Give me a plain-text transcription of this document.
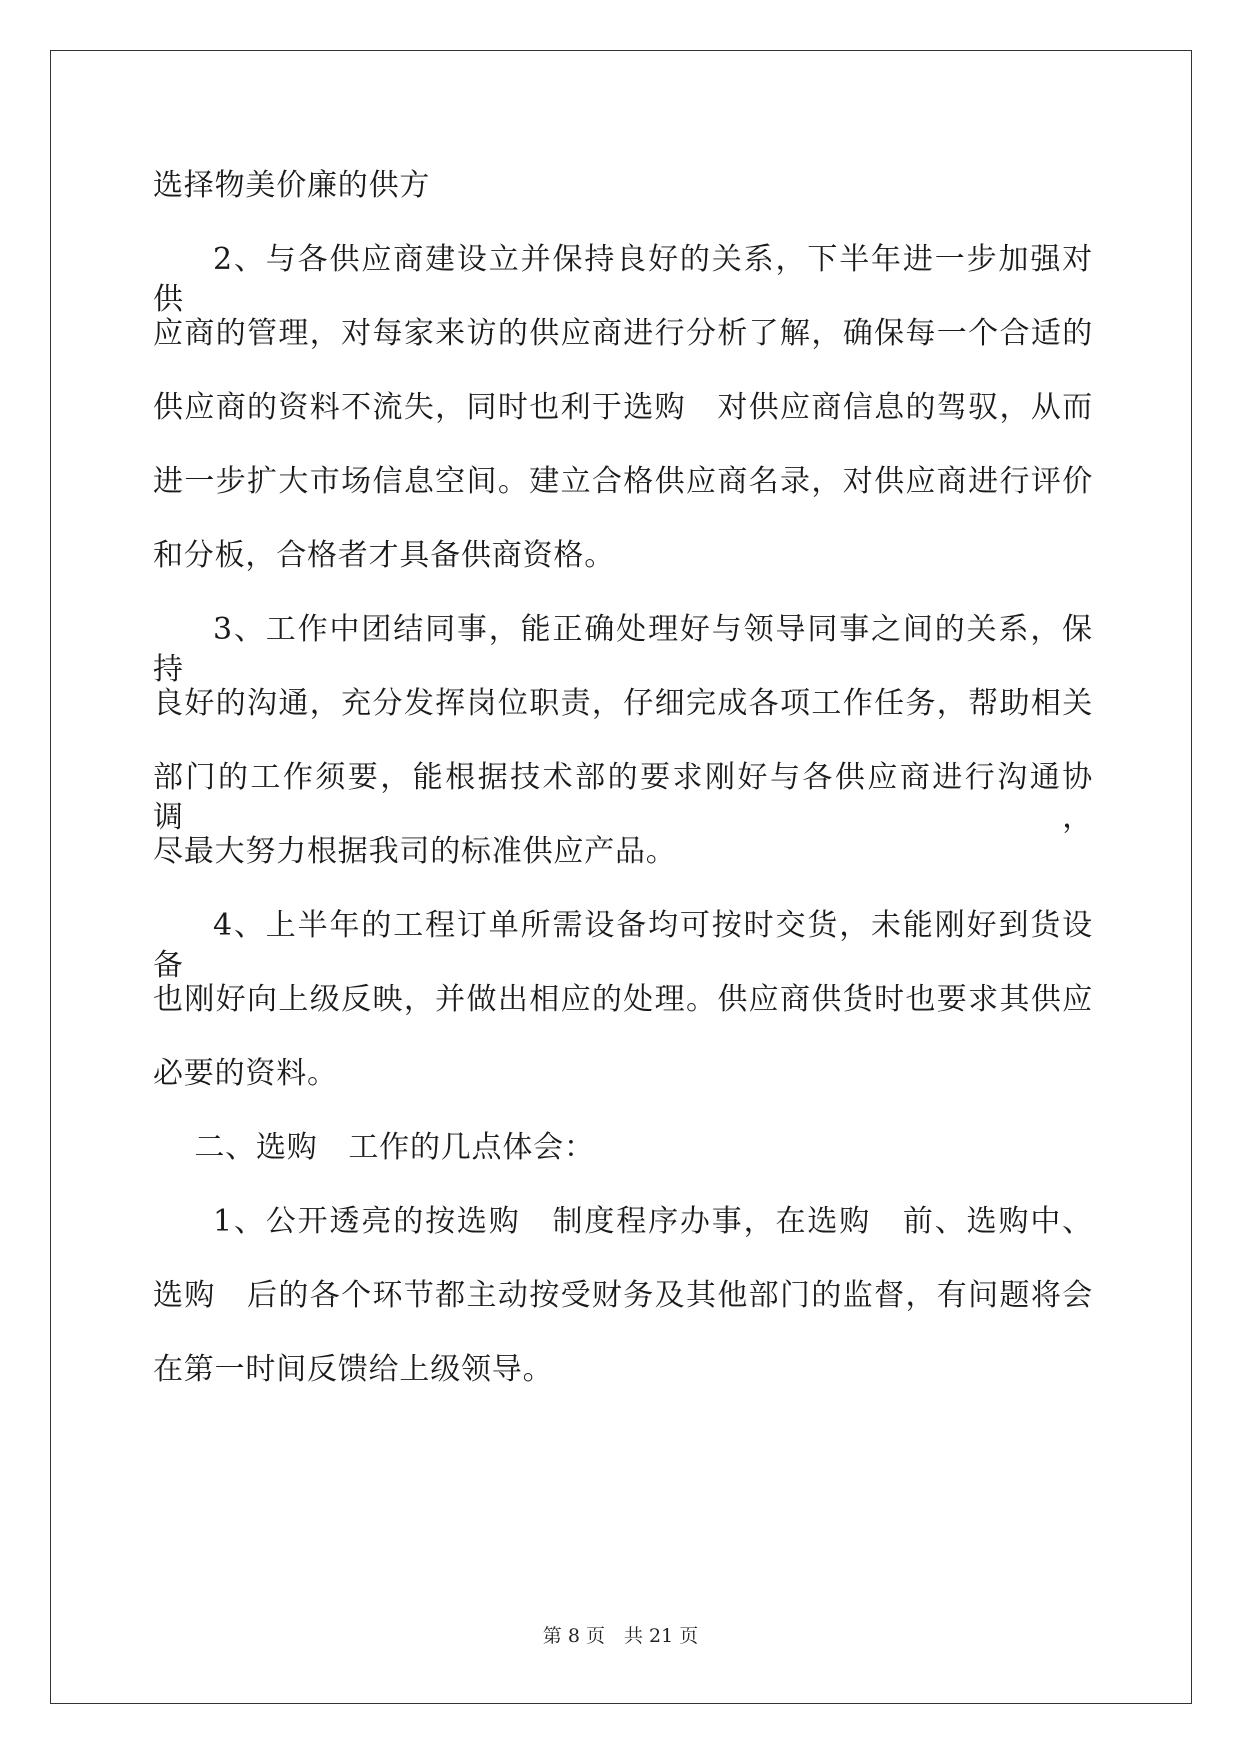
选择物美价廉的供方
2、与各供应商建设立并保持良好的关系，下半年进一步加强对供
应商的管理，对每家来访的供应商进行分析了解，确保每一个合适的
供应商的资料不流失，同时也利于选购　对供应商信息的驾驭，从而
进一步扩大市场信息空间。建立合格供应商名录，对供应商进行评价
和分板，合格者才具备供商资格。
3、工作中团结同事，能正确处理好与领导同事之间的关系，保持
良好的沟通，充分发挥岗位职责，仔细完成各项工作任务，帮助相关
部门的工作须要，能根据技术部的要求刚好与各供应商进行沟通协调，
尽最大努力根据我司的标准供应产品。
4、上半年的工程订单所需设备均可按时交货，未能刚好到货设备
也刚好向上级反映，并做出相应的处理。供应商供货时也要求其供应
必要的资料。
二、选购　工作的几点体会：
1、公开透亮的按选购　制度程序办事，在选购　前、选购中、
选购　后的各个环节都主动按受财务及其他部门的监督，有问题将会
在第一时间反馈给上级领导。
第 8 页　共 21 页
